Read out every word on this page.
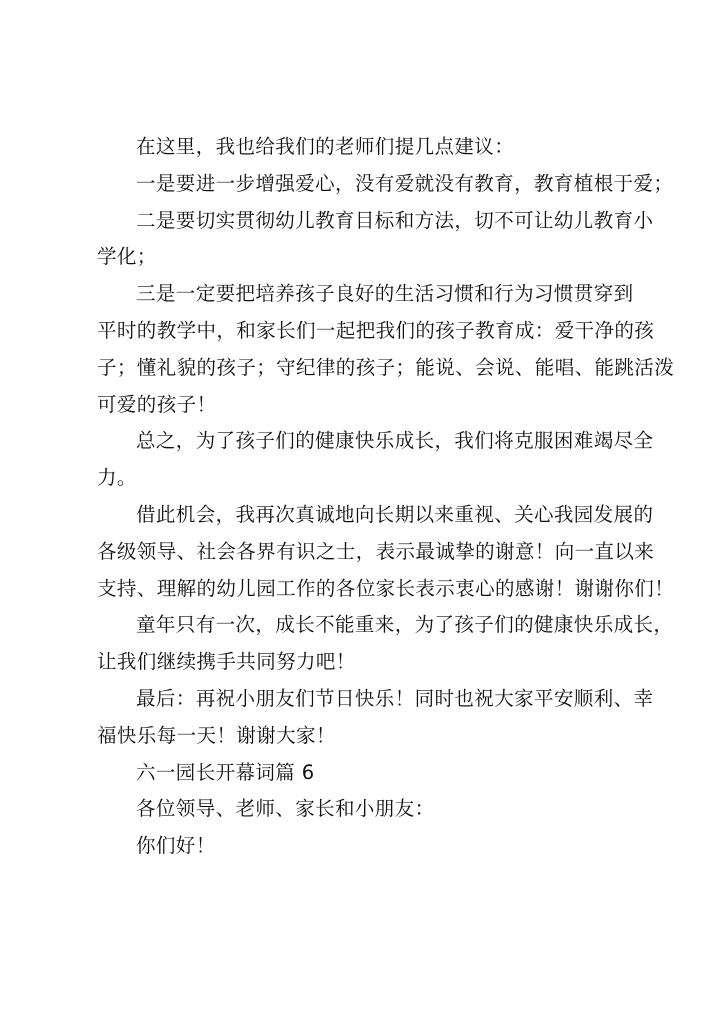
在这里，我也给我们的老师们提几点建议：
一是要进一步增强爱心，没有爱就没有教育，教育植根于爱；
二是要切实贯彻幼儿教育目标和方法，切不可让幼儿教育小
学化；
三是一定要把培养孩子良好的生活习惯和行为习惯贯穿到
平时的教学中，和家长们一起把我们的孩子教育成：爱干净的孩
子；懂礼貌的孩子；守纪律的孩子；能说、会说、能唱、能跳活泼
可爱的孩子！
总之，为了孩子们的健康快乐成长，我们将克服困难竭尽全
力。
借此机会，我再次真诚地向长期以来重视、关心我园发展的
各级领导、社会各界有识之士，表示最诚挚的谢意！向一直以来
支持、理解的幼儿园工作的各位家长表示衷心的感谢！谢谢你们！
童年只有一次，成长不能重来，为了孩子们的健康快乐成长，
让我们继续携手共同努力吧！
最后：再祝小朋友们节日快乐！同时也祝大家平安顺利、幸
福快乐每一天！谢谢大家！
六一园长开幕词篇 6
各位领导、老师、家长和小朋友：
你们好！
